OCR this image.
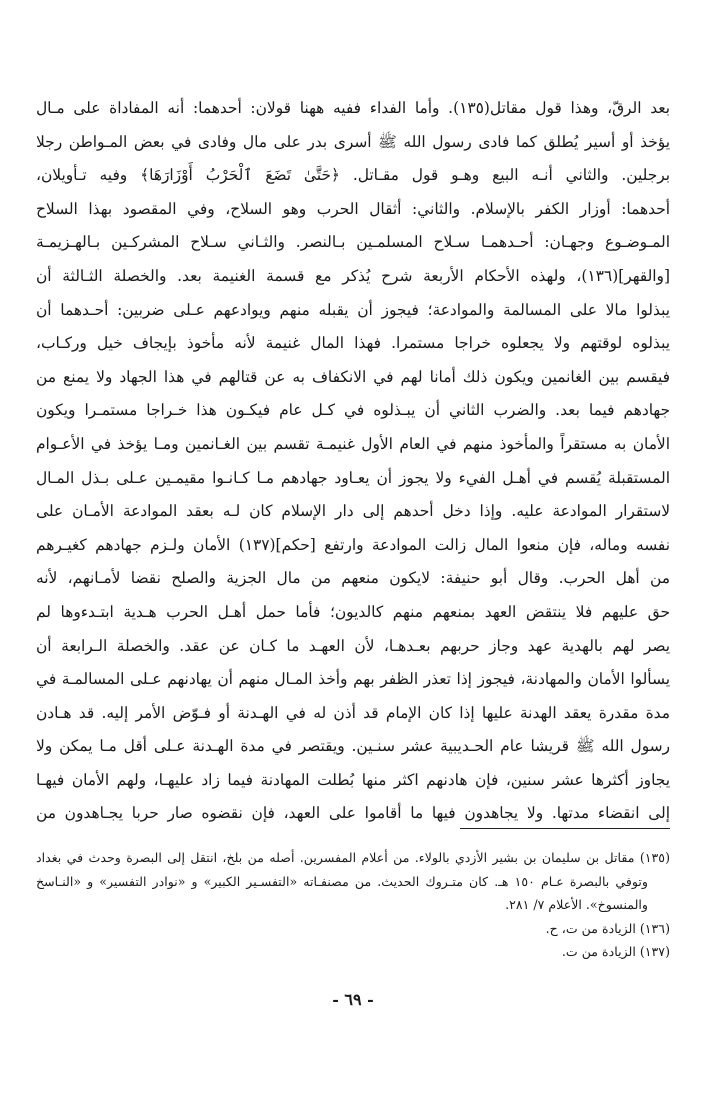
بعد الرقّ، وهذا قول مقاتل(١٣٥). وأما الفداء ففيه ههنا قولان: أحدهما: أنه المفاداة على مـال
يؤخذ أو أسير يُطلق كما فادى رسول الله ﷺ أسرى بدر على مال وفادى في بعض المـواطن رجلا
برجلين. والثاني أنـه البيع وهـو قول مقـاتل. ﴿حَتَّىٰ تَضَعَ ٱلْحَرْبُ أَوْزَارَهَا﴾ وفيه تـأويلان،
أحدهما: أوزار الكفر بالإسلام. والثاني: أثقال الحرب وهو السلاح، وفي المقصود بهذا السلاح
المـوضـوع وجهـان: أحـدهمـا سـلاح المسلمـين بـالنصر. والثـاني سـلاح المشركـين بـالهـزيمـة
[والقهر](١٣٦)، ولهذه الأحكام الأربعة شرح يُذكر مع قسمة الغنيمة بعد. والخصلة الثـالثة أن
يبذلوا مالا على المسالمة والموادعة؛ فيجوز أن يقبله منهم ويوادعهم عـلى ضربين: أحـدهما أن
يبذلوه لوقتهم ولا يجعلوه خراجا مستمرا. فهذا المال غنيمة لأنه مأخوذ بإيجاف خيل وركـاب،
فيقسم بين الغانمين ويكون ذلك أمانا لهم في الانكفاف به عن قتالهم في هذا الجهاد ولا يمنع من
جهادهم فيما بعد. والضرب الثاني أن يبـذلوه في كـل عام فيكـون هذا خـراجا مستمـرا ويكون
الأمان به مستقراً والمأخوذ منهم في العام الأول غنيمـة تقسم بين الغـانمين ومـا يؤخذ في الأعـوام
المستقبلة يُقسم في أهـل الفيء ولا يجوز أن يعـاود جهادهم مـا كـانـوا مقيمـين عـلى بـذل المـال
لاستقرار الموادعة عليه. وإذا دخل أحدهم إلى دار الإسلام كان لـه بعقد الموادعة الأمـان على
نفسه وماله، فإن منعوا المال زالت الموادعة وارتفع [حكم](١٣٧) الأمان ولـزم جهادهم كغيـرهم
من أهل الحرب. وقال أبو حنيفة: لايكون منعهم من مال الجزية والصلح نقضا لأمـانهم، لأنه
حق عليهم فلا ينتقض العهد بمنعهم منهم كالديون؛ فأما حمل أهـل الحرب هـدية ابتـدءوها لم
يصر لهم بالهدية عهد وجاز حربهم بعـدهـا، لأن العهـد ما كـان عن عقد. والخصلة الـرابعة أن
يسألوا الأمان والمهادنة، فيجوز إذا تعذر الظفر بهم وأخذ المـال منهم أن يهادنهم عـلى المسالمـة في
مدة مقدرة يعقد الهدنة عليها إذا كان الإمام قد أذن له في الهـدنة أو فـوّض الأمر إليه. قد هـادن
رسول الله ﷺ قريشا عام الحـديبية عشر سنـين. ويقتصر في مدة الهـدنة عـلى أقل مـا يمكن ولا
يجاوز أكثرها عشر سنين، فإن هادنهم اكثر منها بُطلت المهادنة فيما زاد عليهـا، ولهم الأمان فيهـا
إلى انقضاء مدتها. ولا يجاهدون فيها ما أقاموا على العهد، فإن نقضوه صار حربا يجـاهدون من
(١٣٥) مقاتل بن سليمان بن بشير الأزدي بالولاء. من أعلام المفسرين. أصله من بلخ، انتقل إلى البصرة وحدث في بغداد
وتوفي بالبصرة عـام ١٥٠ هـ. كان متـروك الحديث. من مصنفـاته «التفسـير الكبير» و «نوادر التفسير» و «النـاسخ
والمنسوخ». الأعلام ٧/ ٢٨١.
(١٣٦) الزيادة من ت، ح.
(١٣٧) الزيادة من ت.
- ٦٩ -
